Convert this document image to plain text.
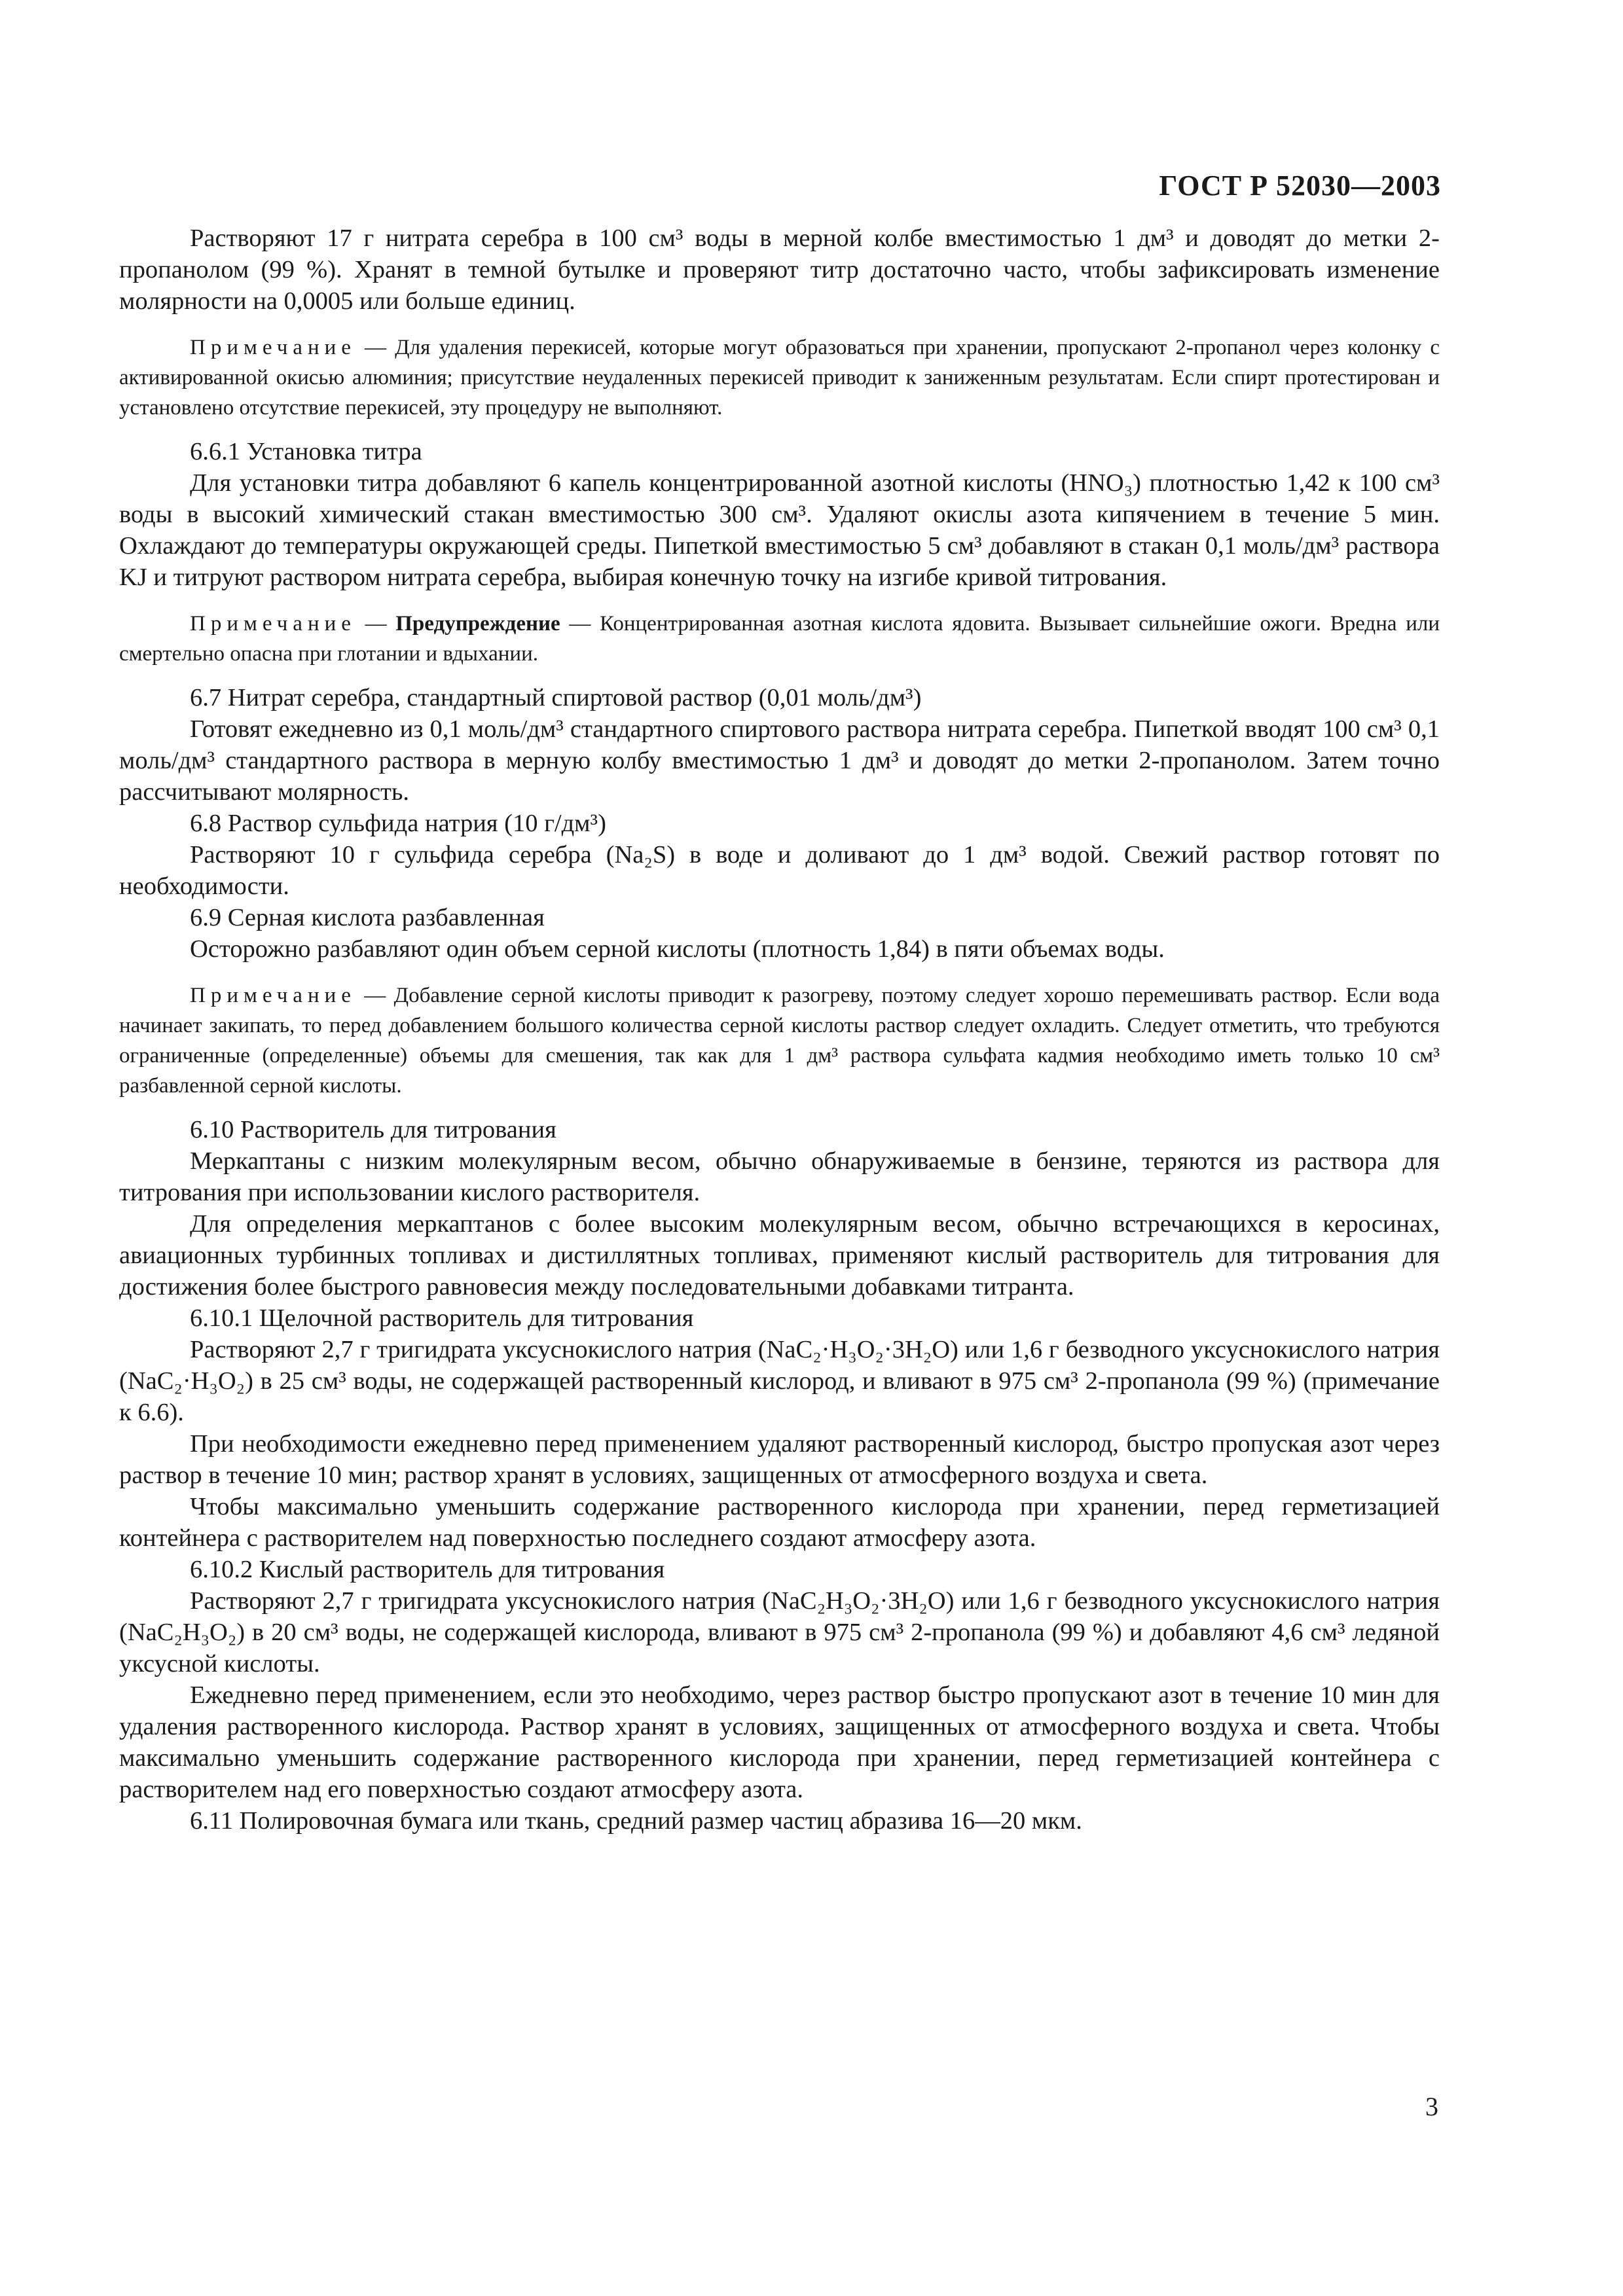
ГОСТ Р 52030—2003

Растворяют 17 г нитрата серебра в 100 см³ воды в мерной колбе вместимостью 1 дм³ и доводят до метки 2-пропанолом (99 %). Хранят в темной бутылке и проверяют титр достаточно часто, чтобы зафиксировать изменение молярности на 0,0005 или больше единиц.

Примечание — Для удаления перекисей, которые могут образоваться при хранении, пропускают 2-пропанол через колонку с активированной окисью алюминия; присутствие неудаленных перекисей приводит к заниженным результатам. Если спирт протестирован и установлено отсутствие перекисей, эту процедуру не выполняют.

6.6.1 Установка титра

Для установки титра добавляют 6 капель концентрированной азотной кислоты (HNO₃) плотностью 1,42 к 100 см³ воды в высокий химический стакан вместимостью 300 см³. Удаляют окислы азота кипячением в течение 5 мин. Охлаждают до температуры окружающей среды. Пипеткой вместимостью 5 см³ добавляют в стакан 0,1 моль/дм³ раствора KJ и титруют раствором нитрата серебра, выбирая конечную точку на изгибе кривой титрования.

Примечание — Предупреждение — Концентрированная азотная кислота ядовита. Вызывает сильнейшие ожоги. Вредна или смертельно опасна при глотании и вдыхании.

6.7 Нитрат серебра, стандартный спиртовой раствор (0,01 моль/дм³)

Готовят ежедневно из 0,1 моль/дм³ стандартного спиртового раствора нитрата серебра. Пипеткой вводят 100 см³ 0,1 моль/дм³ стандартного раствора в мерную колбу вместимостью 1 дм³ и доводят до метки 2-пропанолом. Затем точно рассчитывают молярность.

6.8 Раствор сульфида натрия (10 г/дм³)

Растворяют 10 г сульфида серебра (Na₂S) в воде и доливают до 1 дм³ водой. Свежий раствор готовят по необходимости.

6.9 Серная кислота разбавленная

Осторожно разбавляют один объем серной кислоты (плотность 1,84) в пяти объемах воды.

Примечание — Добавление серной кислоты приводит к разогреву, поэтому следует хорошо перемешивать раствор. Если вода начинает закипать, то перед добавлением большого количества серной кислоты раствор следует охладить. Следует отметить, что требуются ограниченные (определенные) объемы для смешения, так как для 1 дм³ раствора сульфата кадмия необходимо иметь только 10 см³ разбавленной серной кислоты.

6.10 Растворитель для титрования

Меркаптаны с низким молекулярным весом, обычно обнаруживаемые в бензине, теряются из раствора для титрования при использовании кислого растворителя.

Для определения меркаптанов с более высоким молекулярным весом, обычно встречающихся в керосинах, авиационных турбинных топливах и дистиллятных топливах, применяют кислый растворитель для титрования для достижения более быстрого равновесия между последовательными добавками титранта.

6.10.1 Щелочной растворитель для титрования

Растворяют 2,7 г тригидрата уксуснокислого натрия (NaC₂·H₃O₂·3H₂O) или 1,6 г безводного уксуснокислого натрия (NaC₂·H₃O₂) в 25 см³ воды, не содержащей растворенный кислород, и вливают в 975 см³ 2-пропанола (99 %) (примечание к 6.6).

При необходимости ежедневно перед применением удаляют растворенный кислород, быстро пропуская азот через раствор в течение 10 мин; раствор хранят в условиях, защищенных от атмосферного воздуха и света.

Чтобы максимально уменьшить содержание растворенного кислорода при хранении, перед герметизацией контейнера с растворителем над поверхностью последнего создают атмосферу азота.

6.10.2 Кислый растворитель для титрования

Растворяют 2,7 г тригидрата уксуснокислого натрия (NaC₂H₃O₂·3H₂O) или 1,6 г безводного уксуснокислого натрия (NaC₂H₃O₂) в 20 см³ воды, не содержащей кислорода, вливают в 975 см³ 2-пропанола (99 %) и добавляют 4,6 см³ ледяной уксусной кислоты.

Ежедневно перед применением, если это необходимо, через раствор быстро пропускают азот в течение 10 мин для удаления растворенного кислорода. Раствор хранят в условиях, защищенных от атмосферного воздуха и света. Чтобы максимально уменьшить содержание растворенного кислорода при хранении, перед герметизацией контейнера с растворителем над его поверхностью создают атмосферу азота.

6.11 Полировочная бумага или ткань, средний размер частиц абразива 16—20 мкм.

3
